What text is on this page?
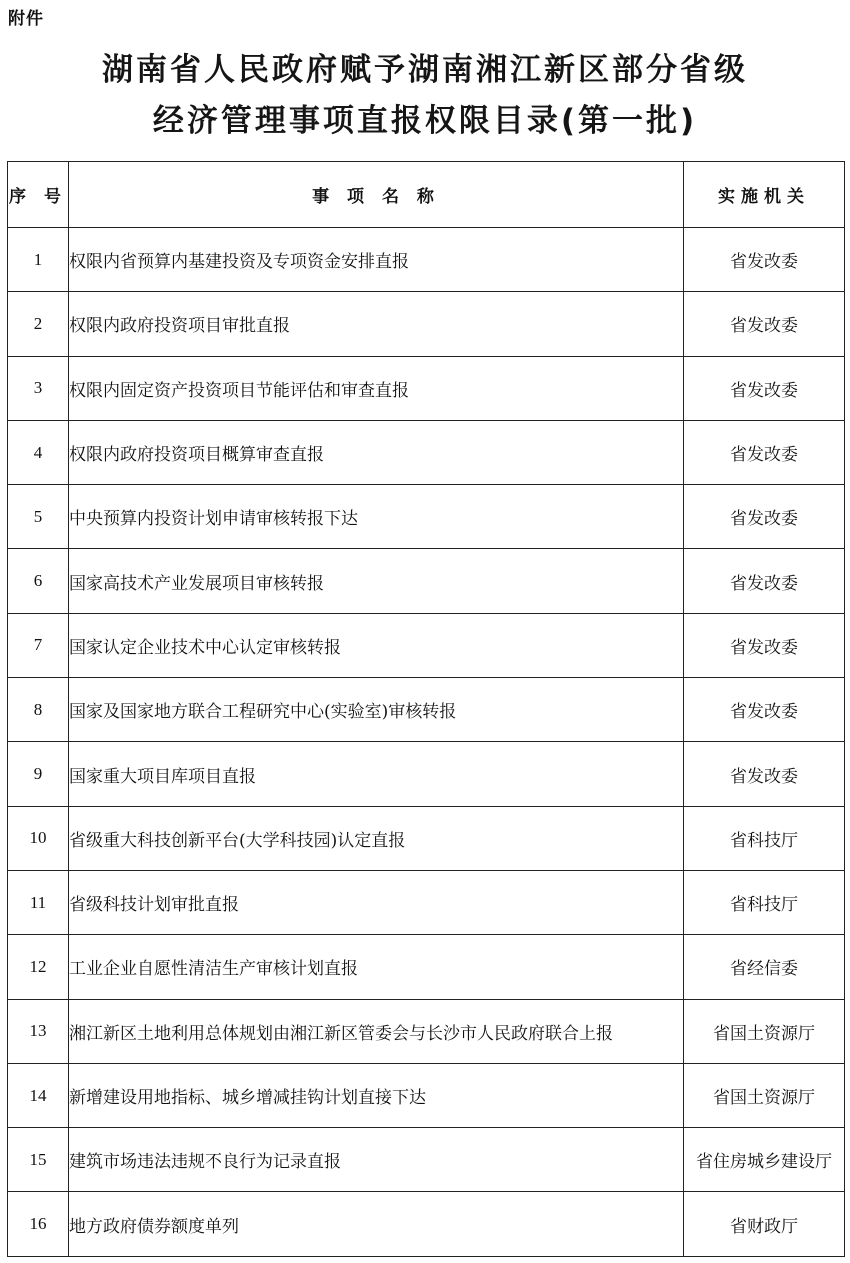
附件
湖南省人民政府赋予湖南湘江新区部分省级
经济管理事项直报权限目录(第一批)
序 号	事 项 名 称	实施机关
1	权限内省预算内基建投资及专项资金安排直报	省发改委
2	权限内政府投资项目审批直报	省发改委
3	权限内固定资产投资项目节能评估和审查直报	省发改委
4	权限内政府投资项目概算审查直报	省发改委
5	中央预算内投资计划申请审核转报下达	省发改委
6	国家高技术产业发展项目审核转报	省发改委
7	国家认定企业技术中心认定审核转报	省发改委
8	国家及国家地方联合工程研究中心(实验室)审核转报	省发改委
9	国家重大项目库项目直报	省发改委
10	省级重大科技创新平台(大学科技园)认定直报	省科技厅
11	省级科技计划审批直报	省科技厅
12	工业企业自愿性清洁生产审核计划直报	省经信委
13	湘江新区土地利用总体规划由湘江新区管委会与长沙市人民政府联合上报	省国土资源厅
14	新增建设用地指标、城乡增减挂钩计划直接下达	省国土资源厅
15	建筑市场违法违规不良行为记录直报	省住房城乡建设厅
16	地方政府债券额度单列	省财政厅
